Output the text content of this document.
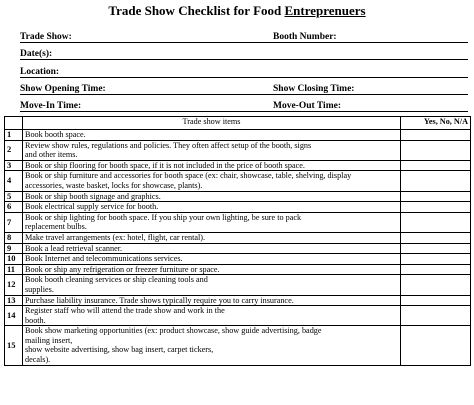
Trade Show Checklist for Food Entreprenuers
Trade Show:		Booth Number:
Date(s):		
Location:		
Show Opening Time:		Show Closing Time:
Move-In Time:		Move-Out Time:
	Trade show items	Yes, No, N/A
1	Book booth space.	
2	Review show rules, regulations and policies. They often affect setup of the booth, signs
and other items.	
3	Book or ship flooring for booth space, if it is not included in the price of booth space.	
4	Book or ship furniture and accessories for booth space (ex: chair, showcase, table, shelving, display
accessories, waste basket, locks for showcase, plants).	
5	Book or ship booth signage and graphics.	
6	Book electrical supply service for booth.	
7	Book or ship lighting for booth space. If you ship your own lighting, be sure to pack
replacement bulbs.	
8	Make travel arrangements (ex: hotel, flight, car rental).	
9	Book a lead retrieval scanner.	
10	Book Internet and telecommunications services.	
11	Book or ship any refrigeration or freezer furniture or space.	
12	Book booth cleaning services or ship cleaning tools and
supplies.	
13	Purchase liability insurance. Trade shows typically require you to carry insurance.	
14	Register staff who will attend the trade show and work in the
booth.	
15	Book show marketing opportunities (ex: product showcase, show guide advertising, badge
mailing insert,
show website advertising, show bag insert, carpet tickers,
decals).	
